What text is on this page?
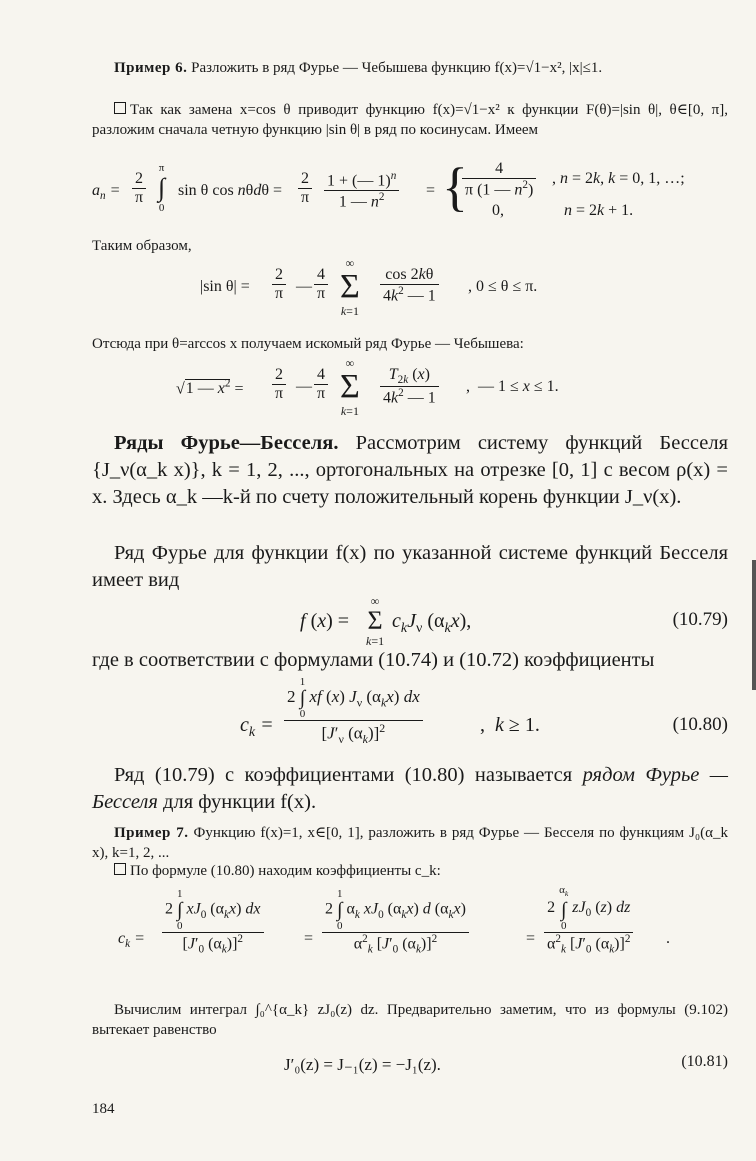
Пример 6. Разложить в ряд Фурье — Чебышева функцию f(x)=√1−x², |x|≤1.
Так как замена x=cos θ приводит функцию f(x)=√1−x² к функции F(θ)=|sin θ|, θ∈[0, π], разложим сначала четную функцию |sin θ| в ряд по косинусам. Имеем
$a_n = \frac{2}{\pi}$
π
∫
0
sin θ $\cos n\theta d\theta = \frac{2}{\pi} \frac{1 + (— 1)^n}{1 — n^2}$ = {
$\frac{4}{\pi (1 — n^2)}$ , n = 2k, k = 0, 1, …;
0,	n = 2k + 1.
Таким образом,
|sin $\theta| = \frac{2}{\pi}$ — $\frac{4}{\pi}$
∞
Σ
k=1
$\frac{\cos 2k\theta}{4k^2 — 1}$ , 0 ≤ θ ≤ π.
Отсюда при θ=arccos x получаем искомый ряд Фурье — Чебышева:
√1 — $x^2 = \frac{2}{\pi}$ — $\frac{4}{\pi}$
∞
Σ
k=1
$\frac{T_{2k} (x)}{4k^2 — 1}$ ,  — 1 ≤ x ≤ 1.
Ряды Фурье—Бесселя. Рассмотрим систему функций Бесселя {J_ν(α_k x)}, k = 1, 2, ..., ортогональных на отрезке [0, 1] с весом ρ(x) = x. Здесь α_k —k-й по счету положительный корень функции J_ν(x).
Ряд Фурье для функции f(x) по указанной системе функций Бесселя имеет вид
f (x) =
∞
Σ
k=1
$c_kJ_\nu$ $(\alpha_kx)$,	(10.79)
где в соответствии с формулами (10.74) и (10.72) коэффициенты
$c_k$ =
2
1
∫
0
xf (x) $J_\nu$ $(\alpha_kx)$ dx
[$J'_\nu$ $(\alpha_k)]^2$	,  k ≥ 1.	(10.80)
Ряд (10.79) с коэффициентами (10.80) называется рядом Фурье — Бесселя для функции f(x).
Пример 7. Функцию f(x)=1, x∈[0, 1], разложить в ряд Фурье — Бесселя по функциям J₀(α_k x), k=1, 2, ...
По формуле (10.80) находим коэффициенты c_k:
$c_k$ =
2
1
∫
0
$xJ_0$ $(\alpha_kx)$ dx
[$J'_0$ $(\alpha_k)]^2$	=
2
1
∫
0
$\alpha_k$ $xJ_0$ $(\alpha_kx)$ d $(\alpha_kx)$
$\alpha^2_k$ [$J'_0$ $(\alpha_k)]^2$	= 2
$\alpha_k$
∫
0
$zJ_0$ (z) dz
$\alpha^2_k$ [$J'_0$ $(\alpha_k)]^2$ .
Вычислим интеграл ∫₀^{α_k} zJ₀(z) dz. Предварительно заметим, что из формулы (9.102) вытекает равенство
J′₀(z) = J₋₁(z) = −J₁(z).	(10.81)
184
